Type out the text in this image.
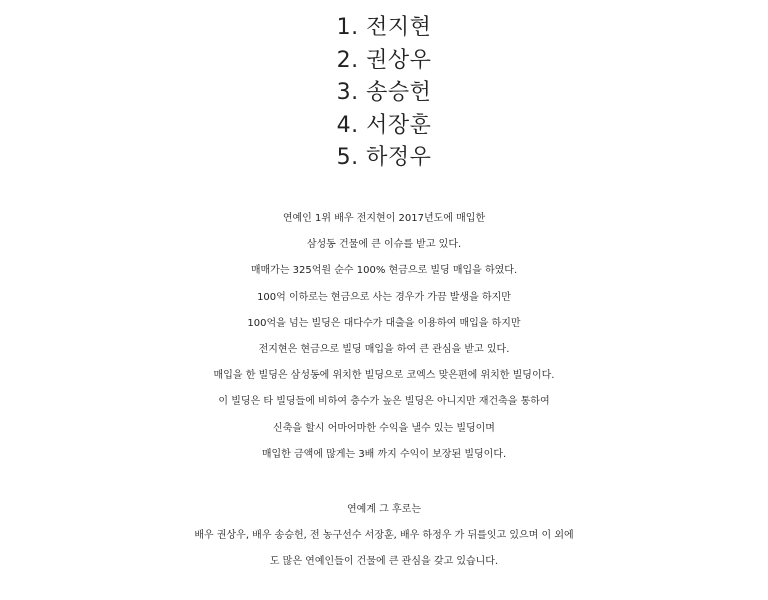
1. 전지현
2. 권상우
3. 송승헌
4. 서장훈
5. 하정우
연예인 1위 배우 전지현이 2017년도에 매입한
삼성동 건물에 큰 이슈를 받고 있다.
매매가는 325억원 순수 100% 현금으로 빌딩 매입을 하였다.
100억 이하로는 현금으로 사는 경우가 가끔 발생을 하지만
100억을 넘는 빌딩은 대다수가 대출을 이용하여 매입을 하지만
전지현은 현금으로 빌딩 매입을 하여 큰 관심을 받고 있다.
매입을 한 빌딩은 삼성동에 위치한 빌딩으로 코엑스 맞은편에 위치한 빌딩이다.
이 빌딩은 타 빌딩들에 비하여 층수가 높은 빌딩은 아니지만 재건축을 통하여
신축을 할시 어마어마한 수익을 낼수 있는 빌딩이며
매입한 금액에 많게는 3배 까지 수익이 보장된 빌딩이다.
연예계 그 후로는
배우 권상우, 배우 송승헌, 전 농구선수 서장훈, 배우 하정우 가 뒤를잇고 있으며 이 외에
도 많은 연예인들이 건물에 큰 관심을 갖고 있습니다.
